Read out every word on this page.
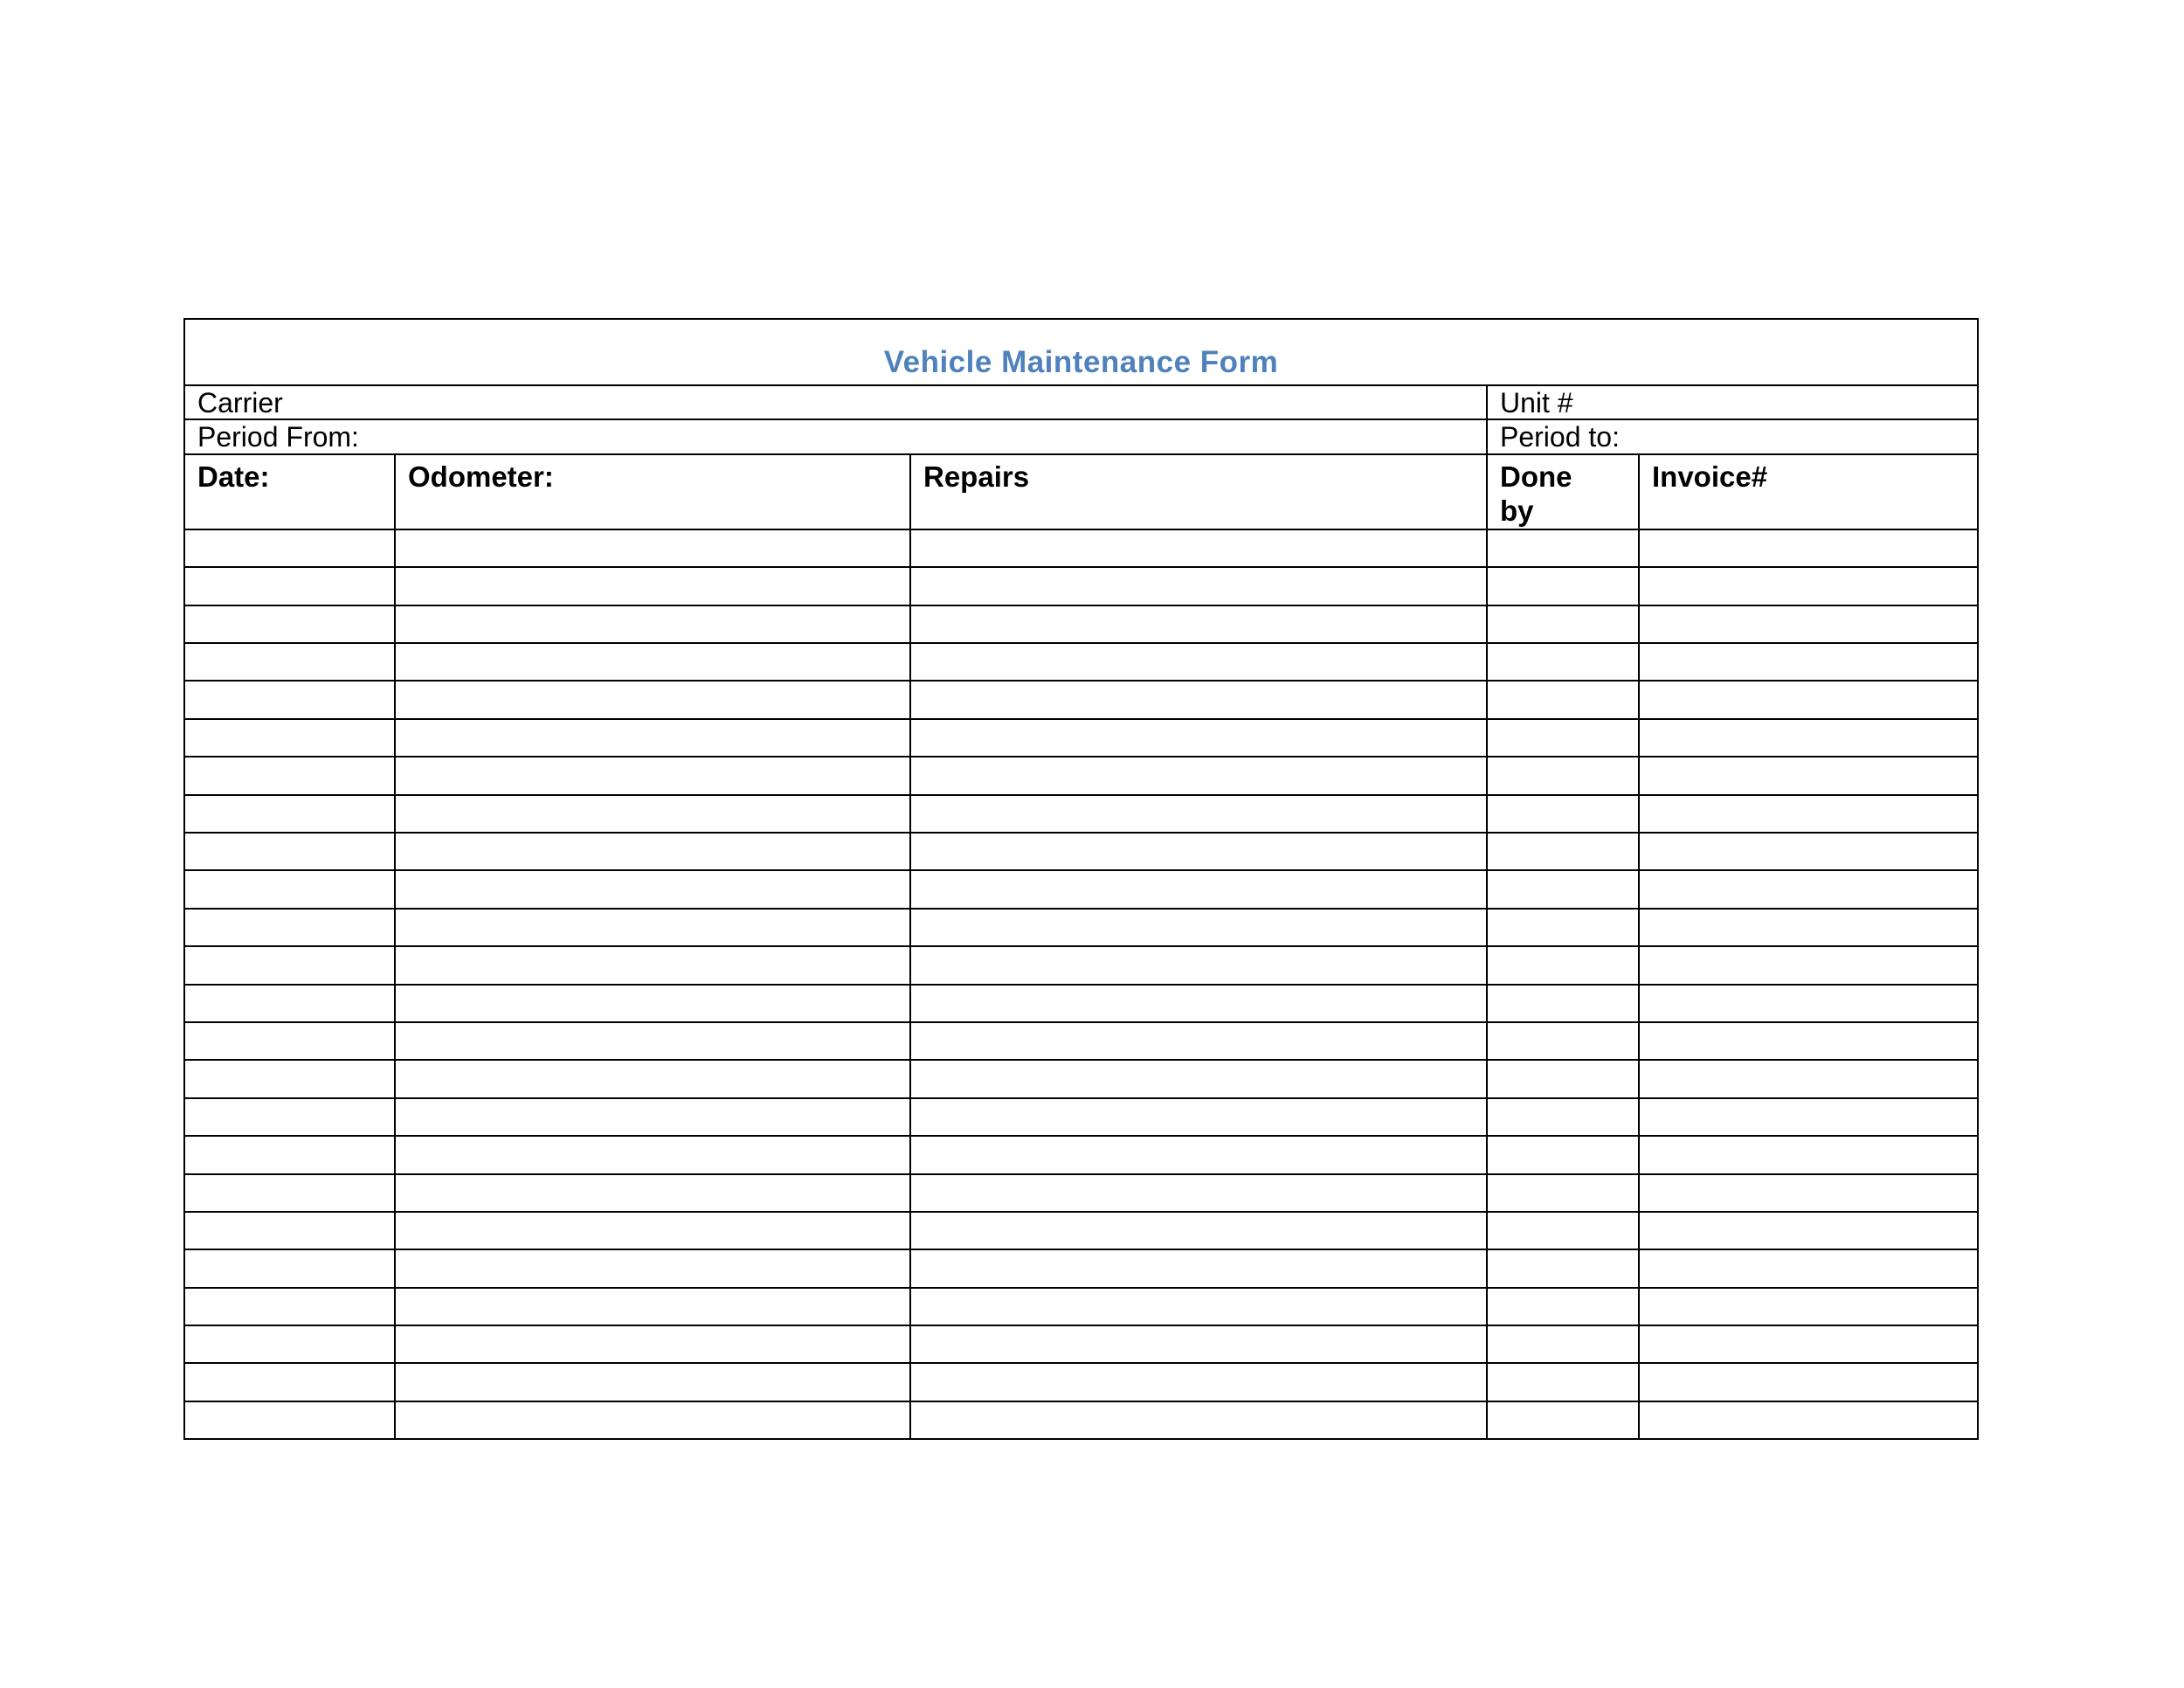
Vehicle Maintenance Form				
Carrier			Unit #	
Period From:			Period to:	
Date:	Odometer:	Repairs	Done by	Invoice#
